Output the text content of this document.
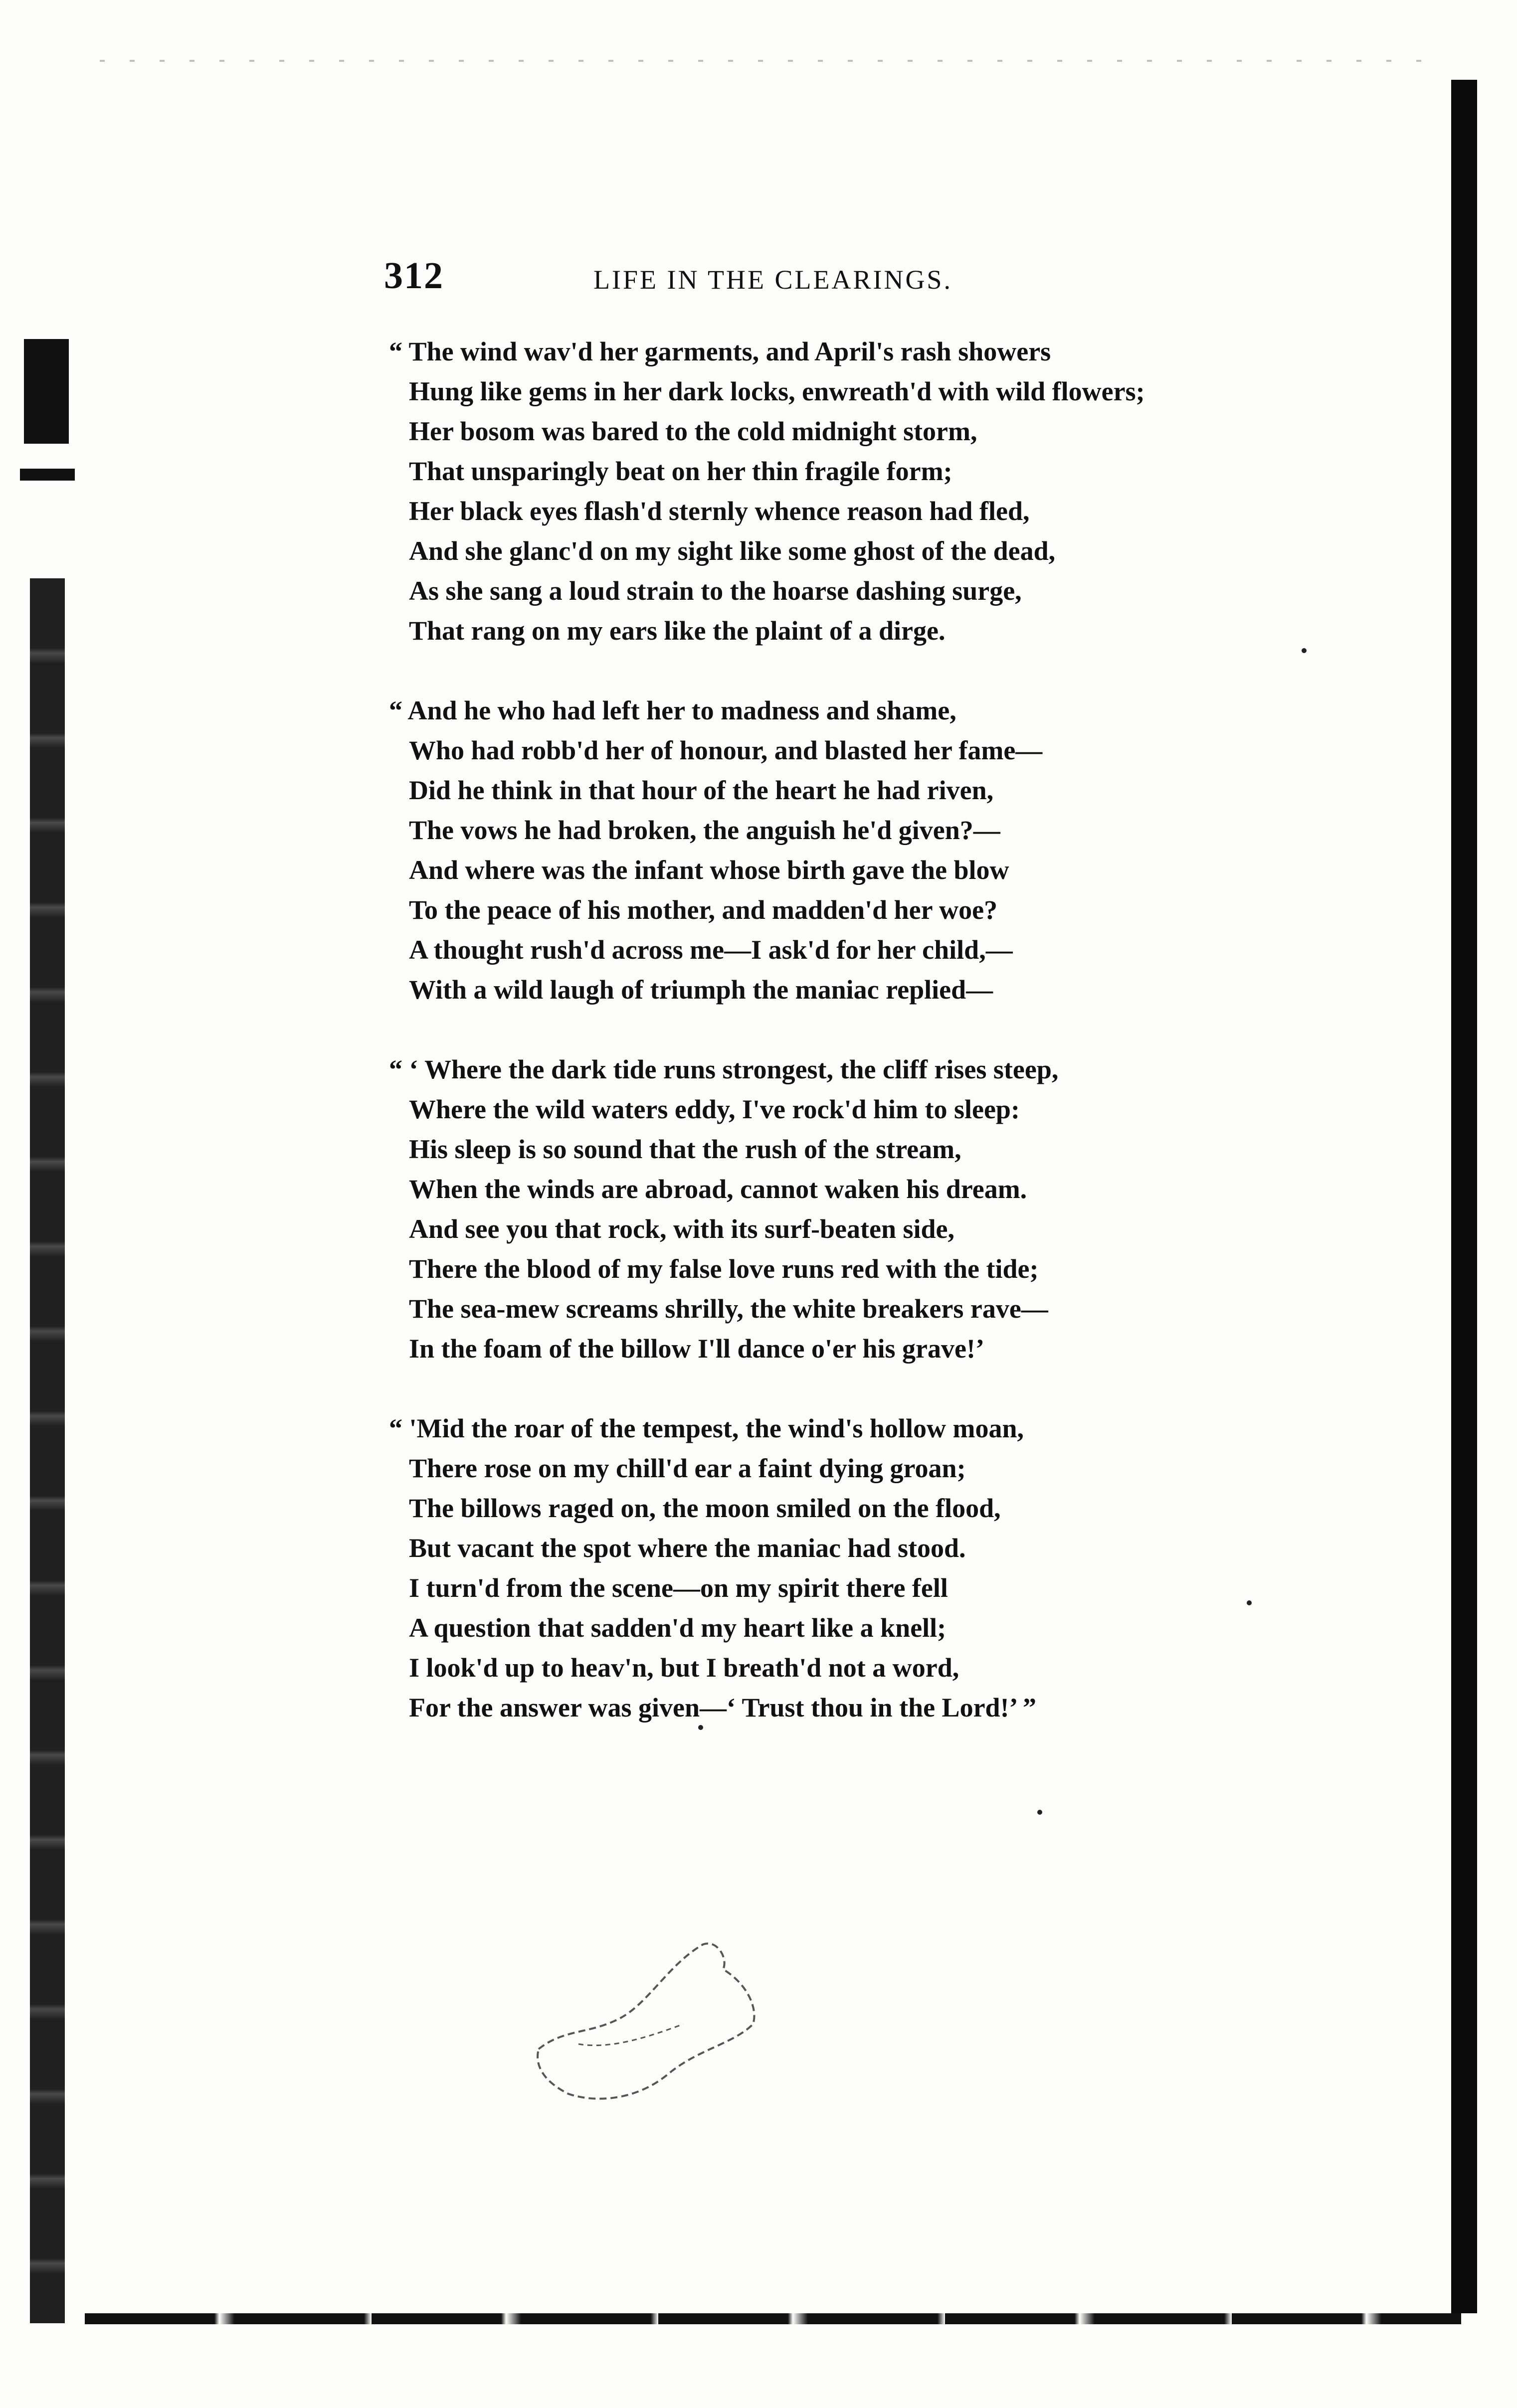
312	LIFE IN THE CLEARINGS.
“ The wind wav'd her garments, and April's rash showers
Hung like gems in her dark locks, enwreath'd with wild flowers;
Her bosom was bared to the cold midnight storm,
That unsparingly beat on her thin fragile form;
Her black eyes flash'd sternly whence reason had fled,
And she glanc'd on my sight like some ghost of the dead,
As she sang a loud strain to the hoarse dashing surge,
That rang on my ears like the plaint of a dirge.
“ And he who had left her to madness and shame,
Who had robb'd her of honour, and blasted her fame—
Did he think in that hour of the heart he had riven,
The vows he had broken, the anguish he'd given?—
And where was the infant whose birth gave the blow
To the peace of his mother, and madden'd her woe?
A thought rush'd across me—I ask'd for her child,—
With a wild laugh of triumph the maniac replied—
“ ‘ Where the dark tide runs strongest, the cliff rises steep,
Where the wild waters eddy, I've rock'd him to sleep:
His sleep is so sound that the rush of the stream,
When the winds are abroad, cannot waken his dream.
And see you that rock, with its surf-beaten side,
There the blood of my false love runs red with the tide;
The sea-mew screams shrilly, the white breakers rave—
In the foam of the billow I'll dance o'er his grave!’
“ 'Mid the roar of the tempest, the wind's hollow moan,
There rose on my chill'd ear a faint dying groan;
The billows raged on, the moon smiled on the flood,
But vacant the spot where the maniac had stood.
I turn'd from the scene—on my spirit there fell
A question that sadden'd my heart like a knell;
I look'd up to heav'n, but I breath'd not a word,
For the answer was given—‘ Trust thou in the Lord!’ ”
